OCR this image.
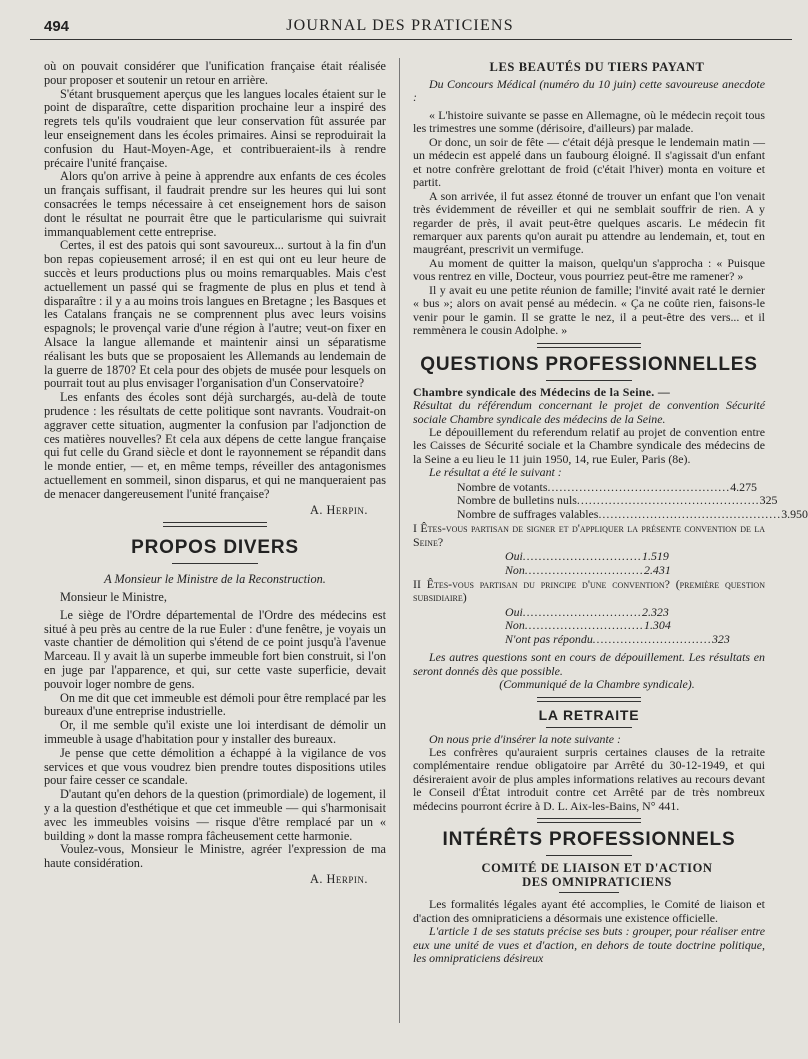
494	JOURNAL DES PRATICIENS

où on pouvait considérer que l'unification française était réalisée pour proposer et soutenir un retour en arrière.

S'étant brusquement aperçus que les langues locales étaient sur le point de disparaître, cette disparition prochaine leur a inspiré des regrets tels qu'ils voudraient que leur conservation fût assurée par leur enseignement dans les écoles primaires. Ainsi se reproduirait la confusion du Haut-Moyen-Age, et contribueraient-ils à rendre précaire l'unité française.

Alors qu'on arrive à peine à apprendre aux enfants de ces écoles un français suffisant, il faudrait prendre sur les heures qui lui sont consacrées le temps nécessaire à cet enseignement hors de saison dont le résultat ne pourrait être que le particularisme qui suivrait immanquablement cette entreprise.

Certes, il est des patois qui sont savoureux... surtout à la fin d'un bon repas copieusement arrosé; il en est qui ont eu leur heure de succès et leurs productions plus ou moins remarquables. Mais c'est actuellement un passé qui se fragmente de plus en plus et tend à disparaître : il y a au moins trois langues en Bretagne ; les Basques et les Catalans français ne se comprennent plus avec leurs voisins espagnols; le provençal varie d'une région à l'autre; veut-on fixer en Alsace la langue allemande et maintenir ainsi un séparatisme réalisant les buts que se proposaient les Allemands au lendemain de la guerre de 1870? Et cela pour des objets de musée pour lesquels on pourrait tout au plus envisager l'organisation d'un Conservatoire?

Les enfants des écoles sont déjà surchargés, au-delà de toute prudence : les résultats de cette politique sont navrants. Voudrait-on aggraver cette situation, augmenter la confusion par l'adjonction de ces matières nouvelles? Et cela aux dépens de cette langue française qui fut celle du Grand siècle et dont le rayonnement se répandit dans le monde entier, — et, en même temps, réveiller des antagonismes actuellement en sommeil, sinon disparus, et qui ne manqueraient pas de menacer dangereusement l'unité française?

A. Herpin.

PROPOS DIVERS

A Monsieur le Ministre de la Reconstruction.

Monsieur le Ministre,

Le siège de l'Ordre départemental de l'Ordre des médecins est situé à peu près au centre de la rue Euler : d'une fenêtre, je voyais un vaste chantier de démolition qui s'étend de ce point jusqu'à l'avenue Marceau. Il y avait là un superbe immeuble fort bien construit, si l'on en juge par l'apparence, et qui, sur cette vaste superficie, devait pouvoir loger nombre de gens.

On me dit que cet immeuble est démoli pour être remplacé par les bureaux d'une entreprise industrielle.

Or, il me semble qu'il existe une loi interdisant de démolir un immeuble à usage d'habitation pour y installer des bureaux.

Je pense que cette démolition a échappé à la vigilance de vos services et que vous voudrez bien prendre toutes dispositions utiles pour faire cesser ce scandale.

D'autant qu'en dehors de la question (primordiale) de logement, il y a la question d'esthétique et que cet immeuble — qui s'harmonisait avec les immeubles voisins — risque d'être remplacé par un « building » dont la masse rompra fâcheusement cette harmonie.

Voulez-vous, Monsieur le Ministre, agréer l'expression de ma haute considération.

A. Herpin.

LES BEAUTÉS DU TIERS PAYANT

Du Concours Médical (numéro du 10 juin) cette savoureuse anecdote :

« L'histoire suivante se passe en Allemagne, où le médecin reçoit tous les trimestres une somme (dérisoire, d'ailleurs) par malade.

Or donc, un soir de fête — c'était déjà presque le lendemain matin — un médecin est appelé dans un faubourg éloigné. Il s'agissait d'un enfant et notre confrère grelottant de froid (c'était l'hiver) monta en voiture et partit.

A son arrivée, il fut assez étonné de trouver un enfant que l'on venait très évidemment de réveiller et qui ne semblait souffrir de rien. A y regarder de près, il avait peut-être quelques ascaris. Le médecin fit remarquer aux parents qu'on aurait pu attendre au lendemain, et, tout en maugréant, prescrivit un vermifuge.

Au moment de quitter la maison, quelqu'un s'approcha : « Puisque vous rentrez en ville, Docteur, vous pourriez peut-être me ramener? »

Il y avait eu une petite réunion de famille; l'invité avait raté le dernier « bus »; alors on avait pensé au médecin. « Ça ne coûte rien, faisons-le venir pour le gamin. Il se gratte le nez, il a peut-être des vers... et il remmènera le cousin Adolphe. »

QUESTIONS PROFESSIONNELLES

Chambre syndicale des Médecins de la Seine. —

Résultat du référendum concernant le projet de convention Sécurité sociale Chambre syndicale des médecins de la Seine.

Le dépouillement du referendum relatif au projet de convention entre les Caisses de Sécurité sociale et la Chambre syndicale des médecins de la Seine a eu lieu le 11 juin 1950, 14, rue Euler, Paris (8e).

Le résultat a été le suivant :

Nombre de votants .............................................. 4.275
Nombre de bulletins nuls .............................................. 325
Nombre de suffrages valables .............................................. 3.950

I Êtes-vous partisan de signer et d'appliquer la présente convention de la Seine?

Oui .............................. 1.519
Non .............................. 2.431

II Êtes-vous partisan du principe d'une convention? (première question subsidiaire)

Oui .............................. 2.323
Non .............................. 1.304
N'ont pas répondu .............................. 323

Les autres questions sont en cours de dépouillement. Les résultats en seront donnés dès que possible.

(Communiqué de la Chambre syndicale).

LA RETRAITE

On nous prie d'insérer la note suivante :

Les confrères qu'auraient surpris certaines clauses de la retraite complémentaire rendue obligatoire par Arrêté du 30-12-1949, et qui désireraient avoir de plus amples informations relatives au recours devant le Conseil d'État introduit contre cet Arrêté par de très nombreux médecins pourront écrire à D. L. Aix-les-Bains, N° 441.

INTÉRÊTS PROFESSIONNELS

COMITÉ DE LIAISON ET D'ACTION

DES OMNIPRATICIENS

Les formalités légales ayant été accomplies, le Comité de liaison et d'action des omnipraticiens a désormais une existence officielle.

L'article 1 de ses statuts précise ses buts : grouper, pour réaliser entre eux une unité de vues et d'action, en dehors de toute doctrine politique, les omnipraticiens désireux
